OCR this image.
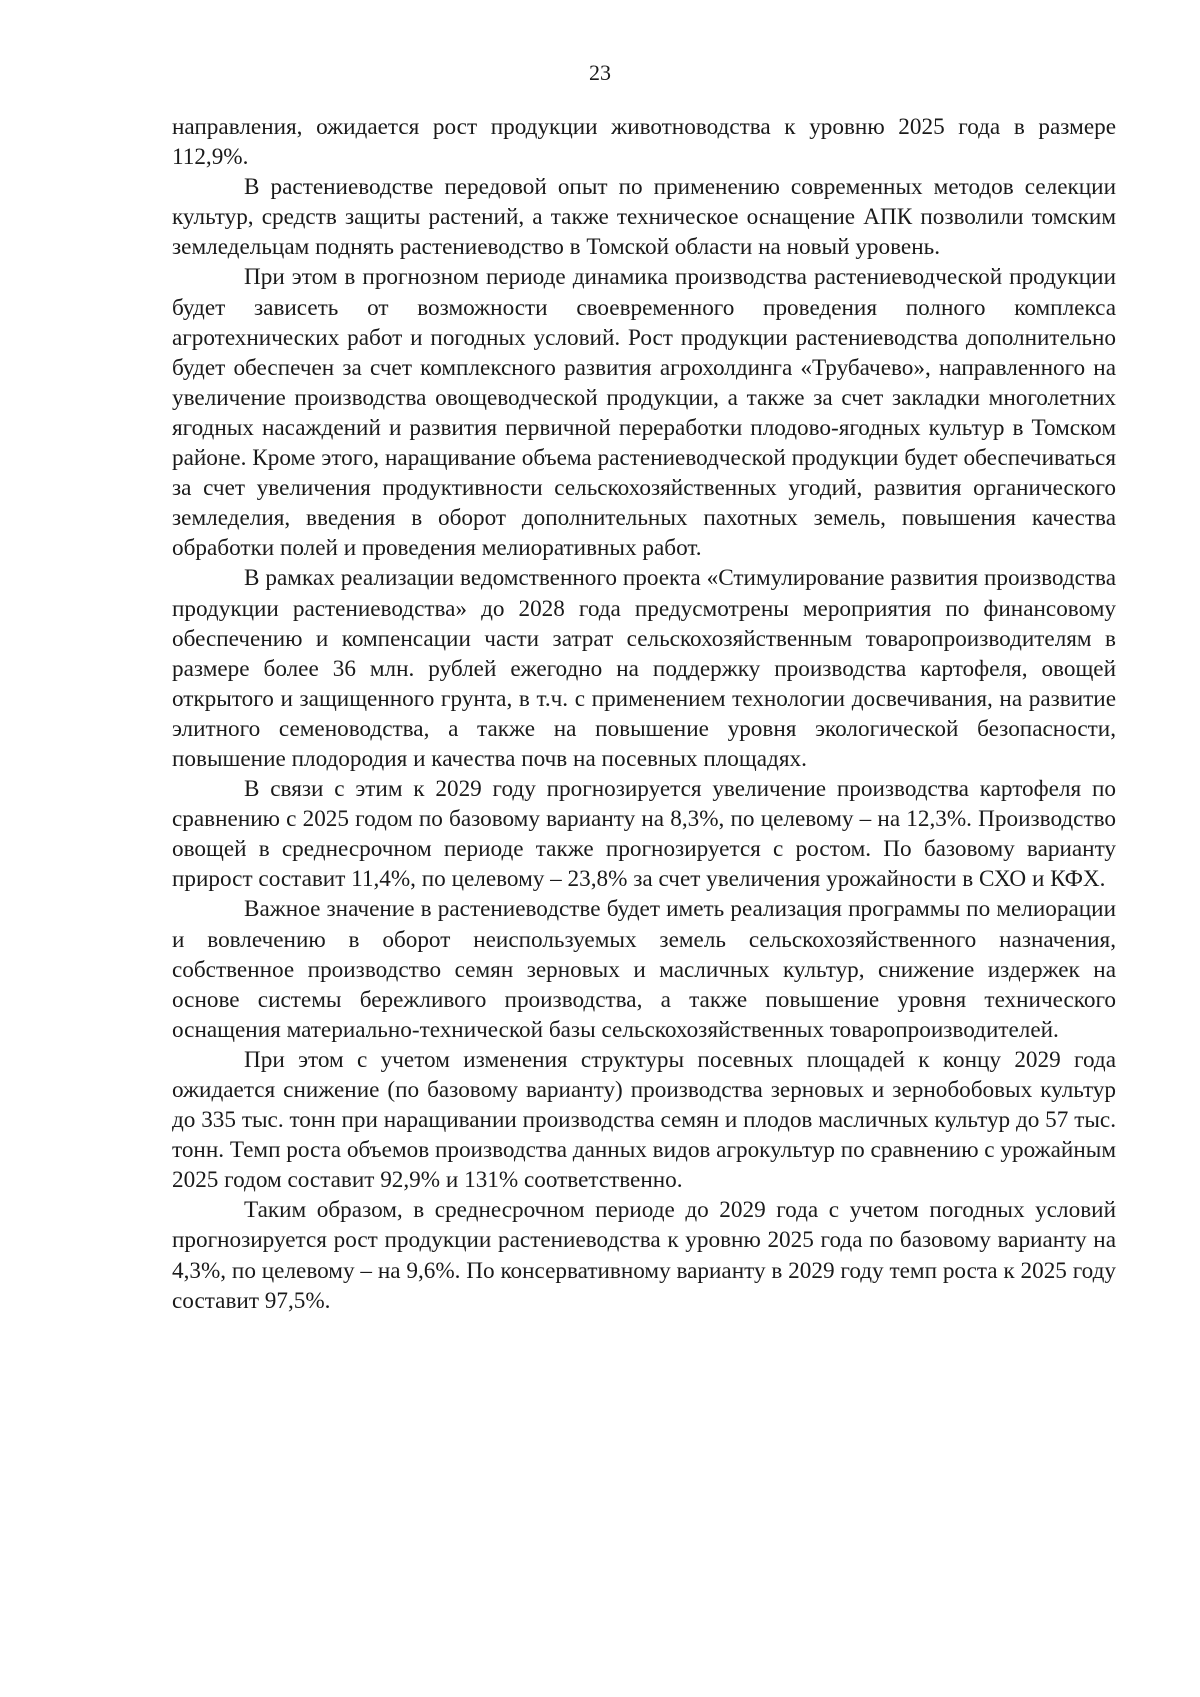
23

направления, ожидается рост продукции животноводства к уровню 2025 года в размере 112,9%.

В растениеводстве передовой опыт по применению современных методов селекции культур, средств защиты растений, а также техническое оснащение АПК позволили томским земледельцам поднять растениеводство в Томской области на новый уровень.

При этом в прогнозном периоде динамика производства растениеводческой продукции будет зависеть от возможности своевременного проведения полного комплекса агротехнических работ и погодных условий. Рост продукции растениеводства дополнительно будет обеспечен за счет комплексного развития агрохолдинга «Трубачево», направленного на увеличение производства овощеводческой продукции, а также за счет закладки многолетних ягодных насаждений и развития первичной переработки плодово-ягодных культур в Томском районе. Кроме этого, наращивание объема растениеводческой продукции будет обеспечиваться за счет увеличения продуктивности сельскохозяйственных угодий, развития органического земледелия, введения в оборот дополнительных пахотных земель, повышения качества обработки полей и проведения мелиоративных работ.

В рамках реализации ведомственного проекта «Стимулирование развития производства продукции растениеводства» до 2028 года предусмотрены мероприятия по финансовому обеспечению и компенсации части затрат сельскохозяйственным товаропроизводителям в размере более 36 млн. рублей ежегодно на поддержку производства картофеля, овощей открытого и защищенного грунта, в т.ч. с применением технологии досвечивания, на развитие элитного семеноводства, а также на повышение уровня экологической безопасности, повышение плодородия и качества почв на посевных площадях.

В связи с этим к 2029 году прогнозируется увеличение производства картофеля по сравнению с 2025 годом по базовому варианту на 8,3%, по целевому – на 12,3%. Производство овощей в среднесрочном периоде также прогнозируется с ростом. По базовому варианту прирост составит 11,4%, по целевому – 23,8% за счет увеличения урожайности в СХО и КФХ.

Важное значение в растениеводстве будет иметь реализация программы по мелиорации и вовлечению в оборот неиспользуемых земель сельскохозяйственного назначения, собственное производство семян зерновых и масличных культур, снижение издержек на основе системы бережливого производства, а также повышение уровня технического оснащения материально-технической базы сельскохозяйственных товаропроизводителей.

При этом с учетом изменения структуры посевных площадей к концу 2029 года ожидается снижение (по базовому варианту) производства зерновых и зернобобовых культур до 335 тыс. тонн при наращивании производства семян и плодов масличных культур до 57 тыс. тонн. Темп роста объемов производства данных видов агрокультур по сравнению с урожайным 2025 годом составит 92,9% и 131% соответственно.

Таким образом, в среднесрочном периоде до 2029 года с учетом погодных условий прогнозируется рост продукции растениеводства к уровню 2025 года по базовому варианту на 4,3%, по целевому – на 9,6%. По консервативному варианту в 2029 году темп роста к 2025 году составит 97,5%.
